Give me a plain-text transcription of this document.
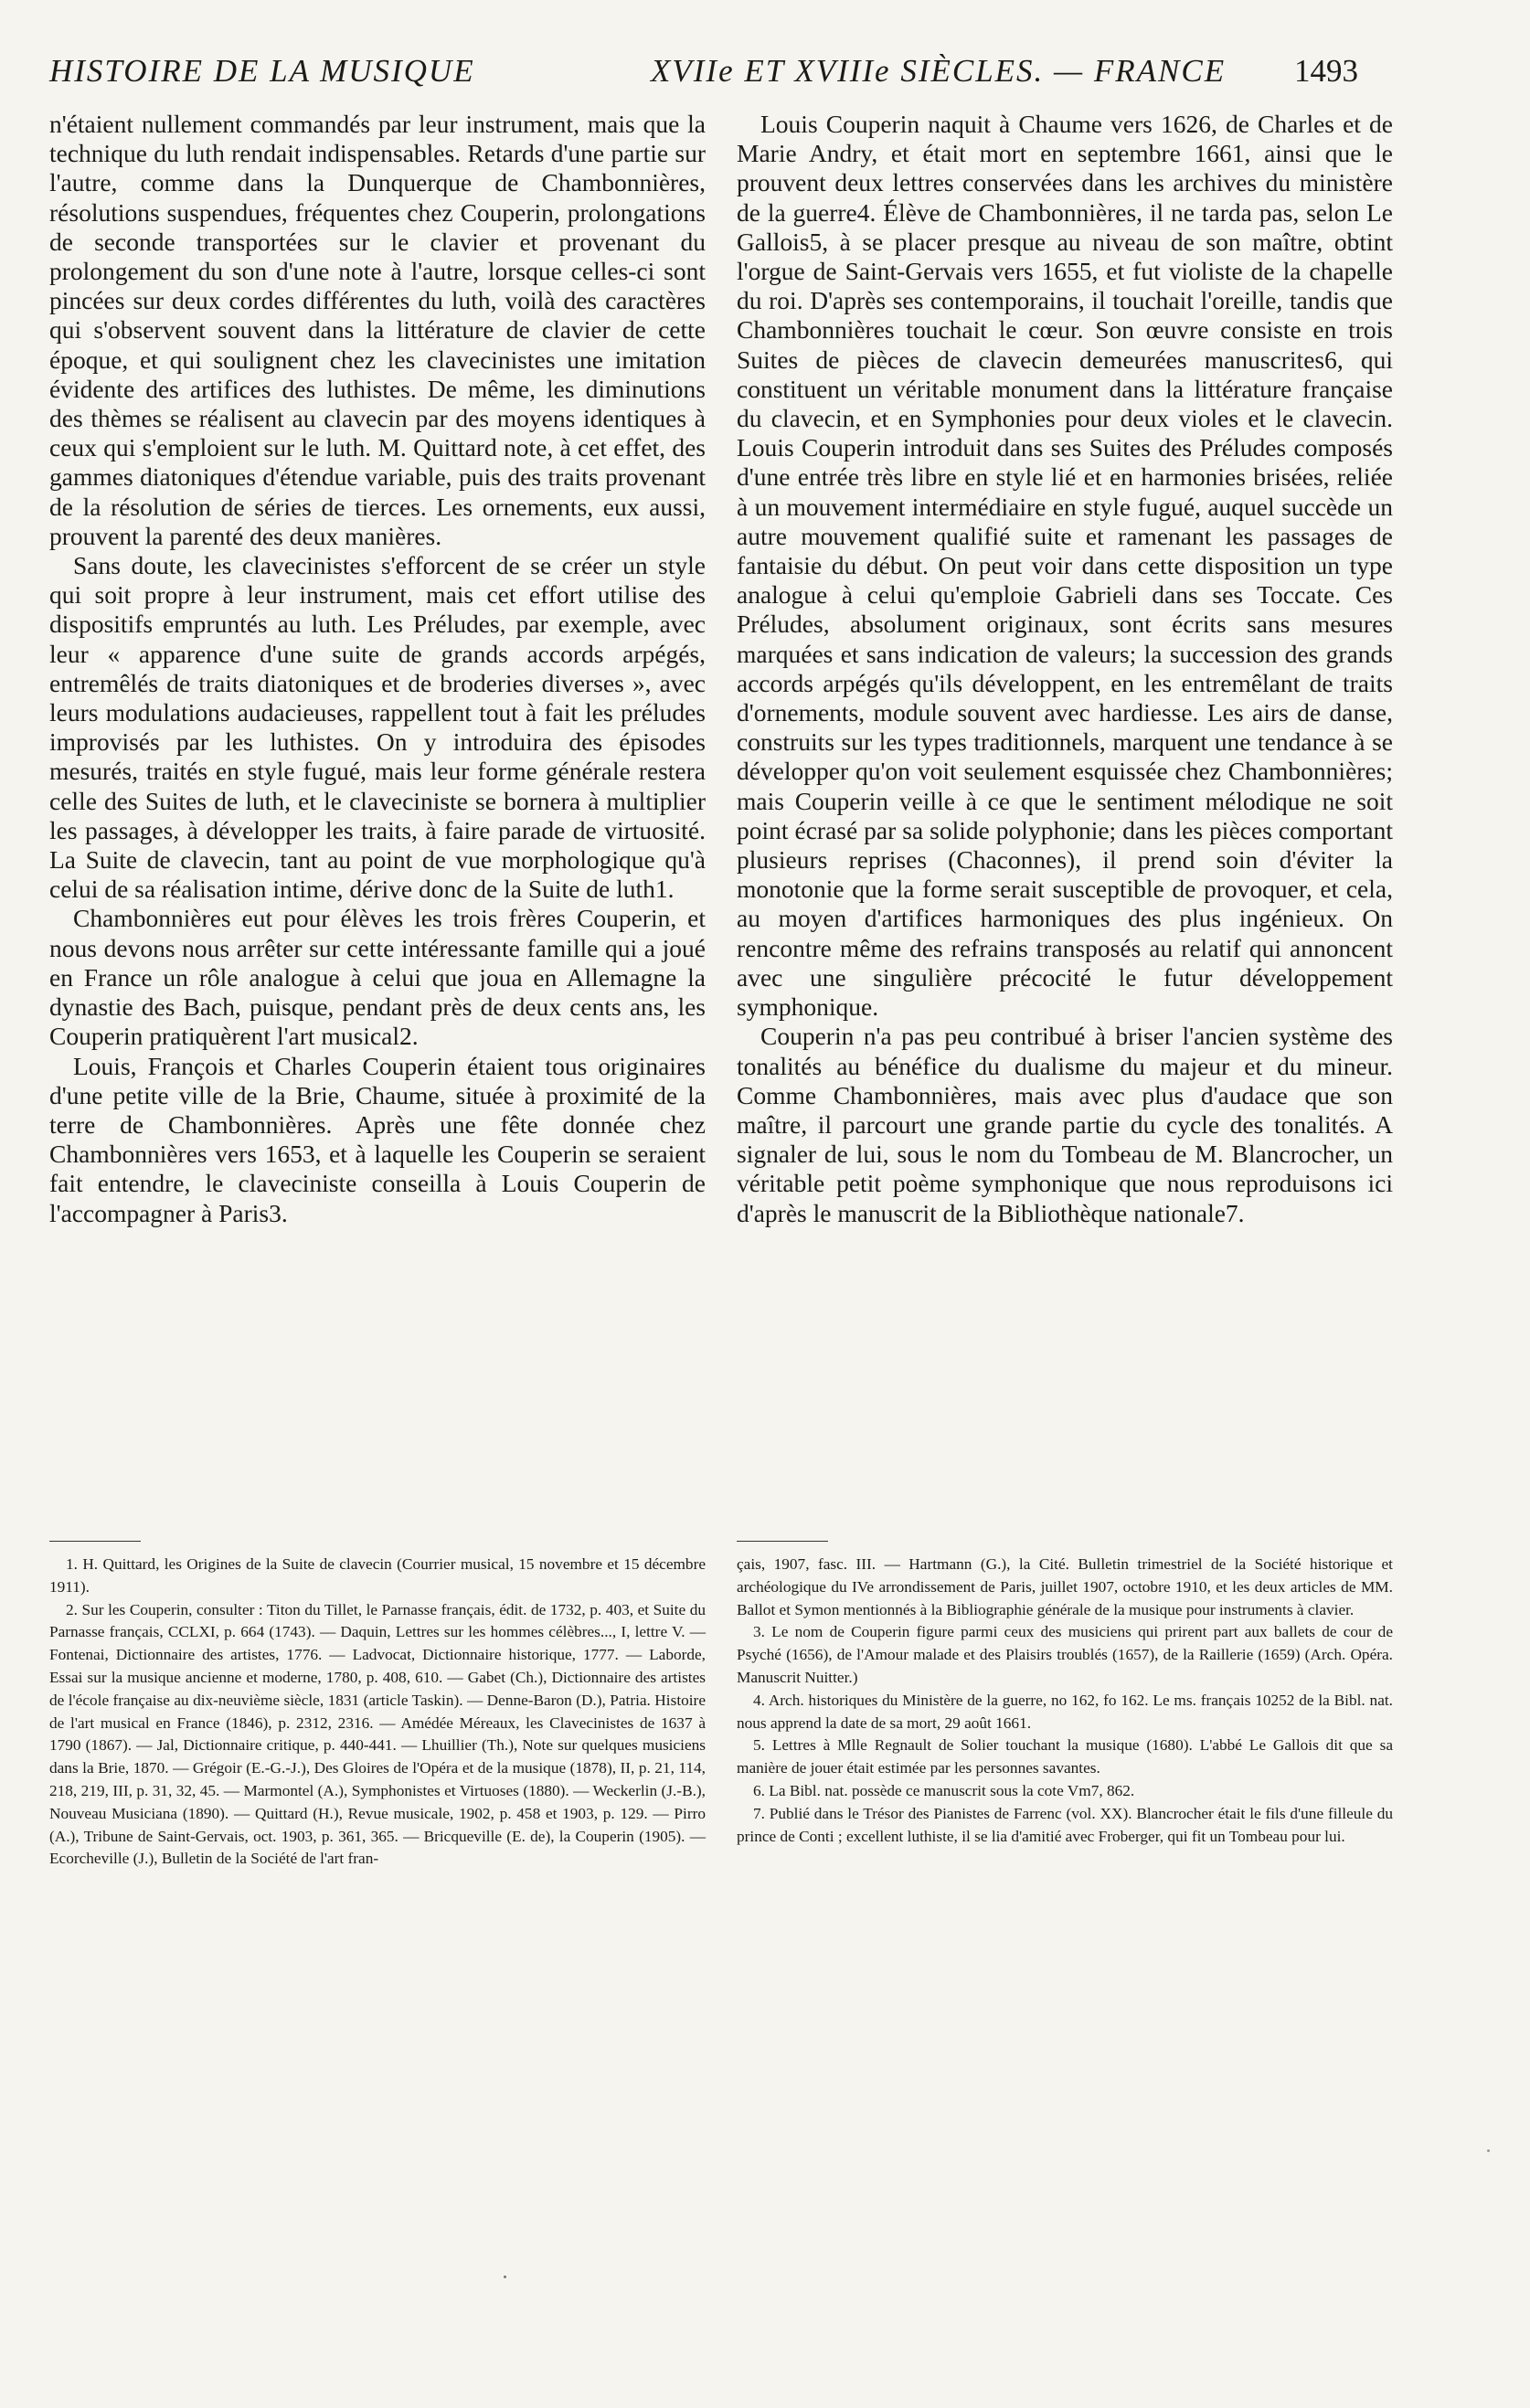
HISTOIRE DE LA MUSIQUE	XVIIe ET XVIIIe SIÈCLES. — FRANCE 1493

n'étaient nullement commandés par leur instrument, mais que la technique du luth rendait indispensables. Retards d'une partie sur l'autre, comme dans la Dunquerque de Chambonnières, résolutions suspendues, fréquentes chez Couperin, prolongations de seconde transportées sur le clavier et provenant du prolongement du son d'une note à l'autre, lorsque celles-ci sont pincées sur deux cordes différentes du luth, voilà des caractères qui s'observent souvent dans la littérature de clavier de cette époque, et qui soulignent chez les clavecinistes une imitation évidente des artifices des luthistes. De même, les diminutions des thèmes se réalisent au clavecin par des moyens identiques à ceux qui s'emploient sur le luth. M. Quittard note, à cet effet, des gammes diatoniques d'étendue variable, puis des traits provenant de la résolution de séries de tierces. Les ornements, eux aussi, prouvent la parenté des deux manières.

Sans doute, les clavecinistes s'efforcent de se créer un style qui soit propre à leur instrument, mais cet effort utilise des dispositifs empruntés au luth. Les Préludes, par exemple, avec leur « apparence d'une suite de grands accords arpégés, entremêlés de traits diatoniques et de broderies diverses », avec leurs modulations audacieuses, rappellent tout à fait les préludes improvisés par les luthistes. On y introduira des épisodes mesurés, traités en style fugué, mais leur forme générale restera celle des Suites de luth, et le claveciniste se bornera à multiplier les passages, à développer les traits, à faire parade de virtuosité. La Suite de clavecin, tant au point de vue morphologique qu'à celui de sa réalisation intime, dérive donc de la Suite de luth1.

Chambonnières eut pour élèves les trois frères Couperin, et nous devons nous arrêter sur cette intéressante famille qui a joué en France un rôle analogue à celui que joua en Allemagne la dynastie des Bach, puisque, pendant près de deux cents ans, les Couperin pratiquèrent l'art musical2.

Louis, François et Charles Couperin étaient tous originaires d'une petite ville de la Brie, Chaume, située à proximité de la terre de Chambonnières. Après une fête donnée chez Chambonnières vers 1653, et à laquelle les Couperin se seraient fait entendre, le claveciniste conseilla à Louis Couperin de l'accompagner à Paris3.

Louis Couperin naquit à Chaume vers 1626, de Charles et de Marie Andry, et était mort en septembre 1661, ainsi que le prouvent deux lettres conservées dans les archives du ministère de la guerre4. Élève de Chambonnières, il ne tarda pas, selon Le Gallois5, à se placer presque au niveau de son maître, obtint l'orgue de Saint-Gervais vers 1655, et fut violiste de la chapelle du roi. D'après ses contemporains, il touchait l'oreille, tandis que Chambonnières touchait le cœur. Son œuvre consiste en trois Suites de pièces de clavecin demeurées manuscrites6, qui constituent un véritable monument dans la littérature française du clavecin, et en Symphonies pour deux violes et le clavecin. Louis Couperin introduit dans ses Suites des Préludes composés d'une entrée très libre en style lié et en harmonies brisées, reliée à un mouvement intermédiaire en style fugué, auquel succède un autre mouvement qualifié suite et ramenant les passages de fantaisie du début. On peut voir dans cette disposition un type analogue à celui qu'emploie Gabrieli dans ses Toccate. Ces Préludes, absolument originaux, sont écrits sans mesures marquées et sans indication de valeurs; la succession des grands accords arpégés qu'ils développent, en les entremêlant de traits d'ornements, module souvent avec hardiesse. Les airs de danse, construits sur les types traditionnels, marquent une tendance à se développer qu'on voit seulement esquissée chez Chambonnières; mais Couperin veille à ce que le sentiment mélodique ne soit point écrasé par sa solide polyphonie; dans les pièces comportant plusieurs reprises (Chaconnes), il prend soin d'éviter la monotonie que la forme serait susceptible de provoquer, et cela, au moyen d'artifices harmoniques des plus ingénieux. On rencontre même des refrains transposés au relatif qui annoncent avec une singulière précocité le futur développement symphonique.

Couperin n'a pas peu contribué à briser l'ancien système des tonalités au bénéfice du dualisme du majeur et du mineur. Comme Chambonnières, mais avec plus d'audace que son maître, il parcourt une grande partie du cycle des tonalités. A signaler de lui, sous le nom du Tombeau de M. Blancrocher, un véritable petit poème symphonique que nous reproduisons ici d'après le manuscrit de la Bibliothèque nationale7.

1. H. Quittard, les Origines de la Suite de clavecin (Courrier musical, 15 novembre et 15 décembre 1911).

2. Sur les Couperin, consulter : Titon du Tillet, le Parnasse français, édit. de 1732, p. 403, et Suite du Parnasse français, CCLXI, p. 664 (1743). — Daquin, Lettres sur les hommes célèbres..., I, lettre V. — Fontenai, Dictionnaire des artistes, 1776. — Ladvocat, Dictionnaire historique, 1777. — Laborde, Essai sur la musique ancienne et moderne, 1780, p. 408, 610. — Gabet (Ch.), Dictionnaire des artistes de l'école française au dix-neuvième siècle, 1831 (article Taskin). — Denne-Baron (D.), Patria. Histoire de l'art musical en France (1846), p. 2312, 2316. — Amédée Méreaux, les Clavecinistes de 1637 à 1790 (1867). — Jal, Dictionnaire critique, p. 440-441. — Lhuillier (Th.), Note sur quelques musiciens dans la Brie, 1870. — Grégoir (E.-G.-J.), Des Gloires de l'Opéra et de la musique (1878), II, p. 21, 114, 218, 219, III, p. 31, 32, 45. — Marmontel (A.), Symphonistes et Virtuoses (1880). — Weckerlin (J.-B.), Nouveau Musiciana (1890). — Quittard (H.), Revue musicale, 1902, p. 458 et 1903, p. 129. — Pirro (A.), Tribune de Saint-Gervais, oct. 1903, p. 361, 365. — Bricqueville (E. de), la Couperin (1905). — Ecorcheville (J.), Bulletin de la Société de l'art fran-

çais, 1907, fasc. III. — Hartmann (G.), la Cité. Bulletin trimestriel de la Société historique et archéologique du IVe arrondissement de Paris, juillet 1907, octobre 1910, et les deux articles de MM. Ballot et Symon mentionnés à la Bibliographie générale de la musique pour instruments à clavier.

3. Le nom de Couperin figure parmi ceux des musiciens qui prirent part aux ballets de cour de Psyché (1656), de l'Amour malade et des Plaisirs troublés (1657), de la Raillerie (1659) (Arch. Opéra. Manuscrit Nuitter.)

4. Arch. historiques du Ministère de la guerre, no 162, fo 162. Le ms. français 10252 de la Bibl. nat. nous apprend la date de sa mort, 29 août 1661.

5. Lettres à Mlle Regnault de Solier touchant la musique (1680). L'abbé Le Gallois dit que sa manière de jouer était estimée par les personnes savantes.

6. La Bibl. nat. possède ce manuscrit sous la cote Vm7, 862.

7. Publié dans le Trésor des Pianistes de Farrenc (vol. XX). Blancrocher était le fils d'une filleule du prince de Conti ; excellent luthiste, il se lia d'amitié avec Froberger, qui fit un Tombeau pour lui.
